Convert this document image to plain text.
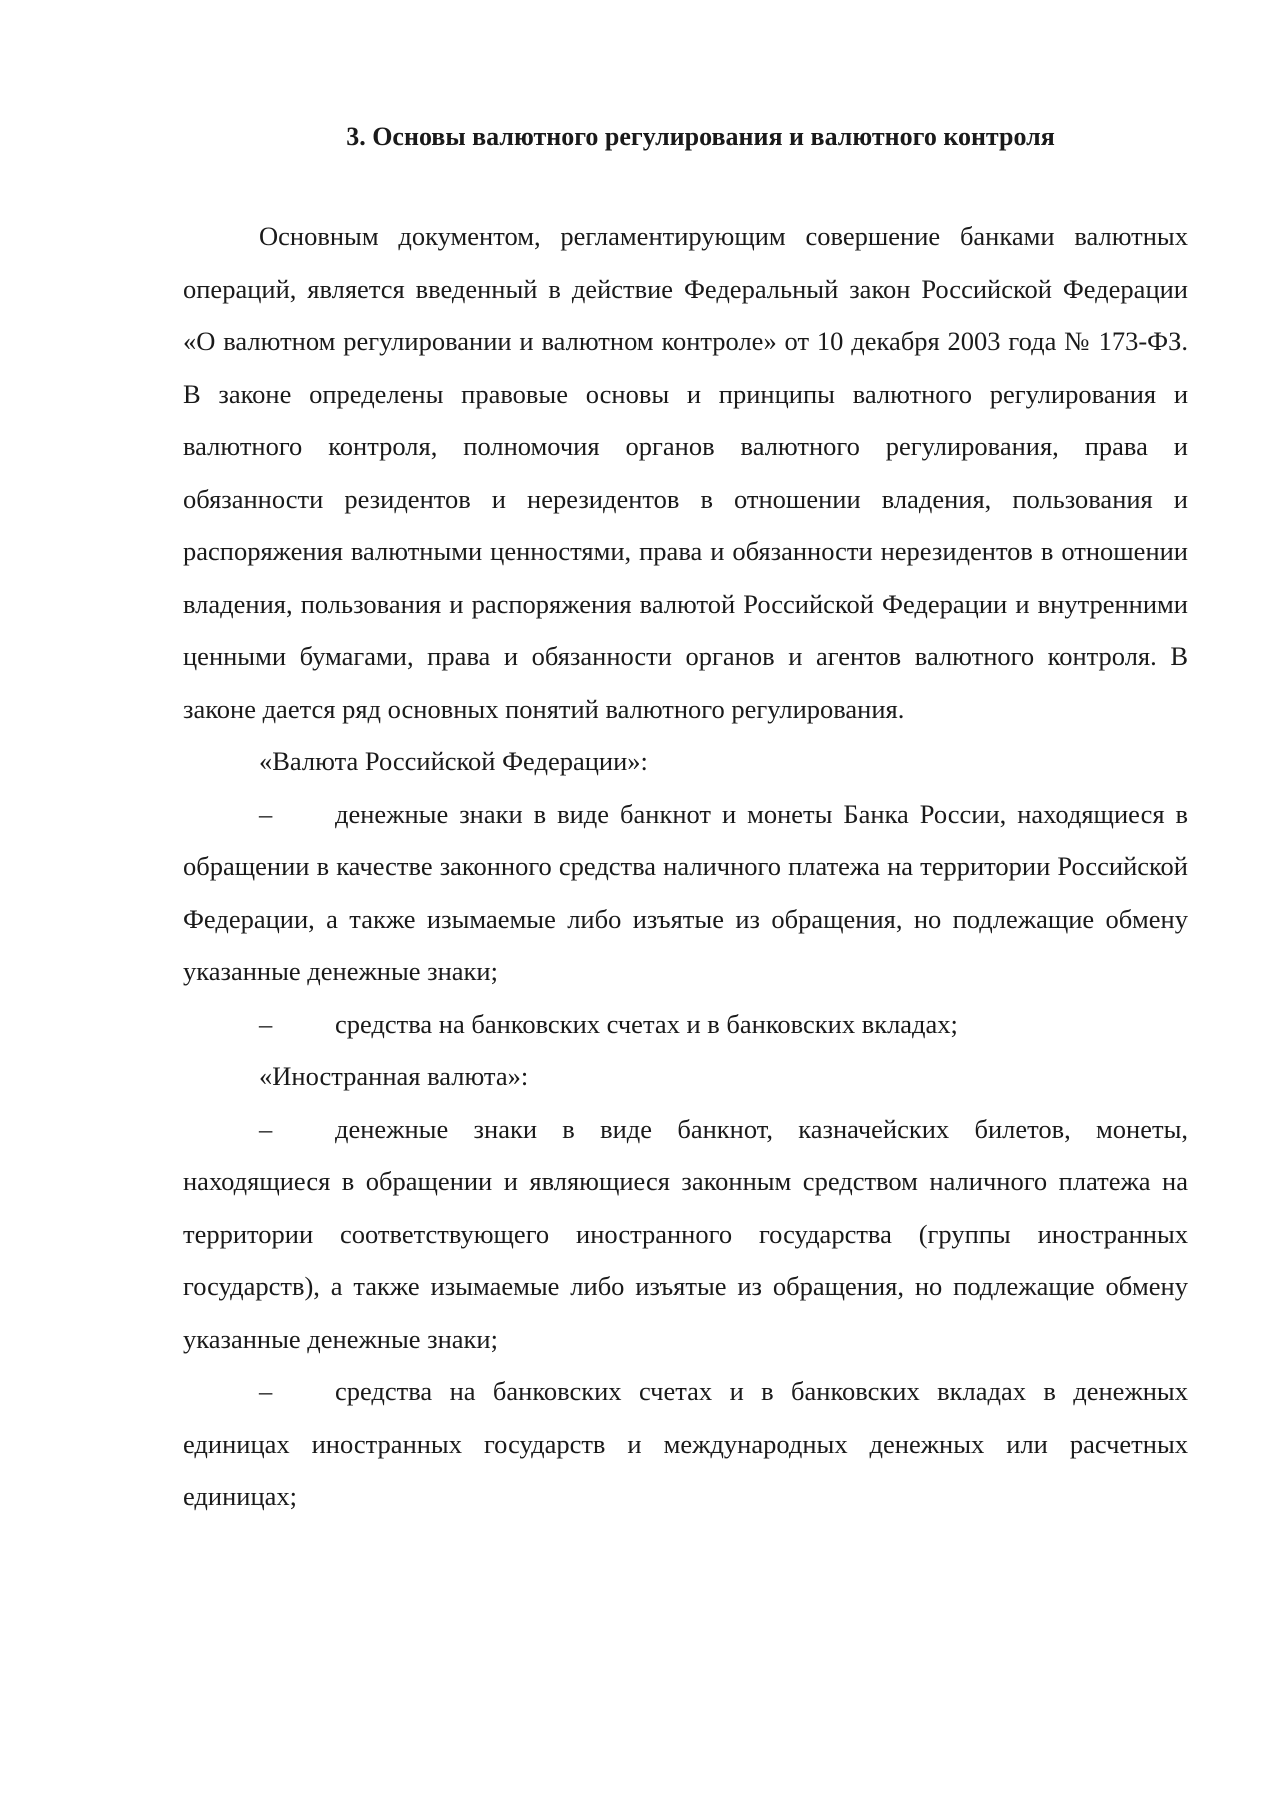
3. Основы валютного регулирования и валютного контроля

Основным документом, регламентирующим совершение банками валютных операций, является введенный в действие Федеральный закон Российской Федерации «О валютном регулировании и валютном контроле» от 10 декабря 2003 года № 173-ФЗ. В законе определены правовые основы и принципы валютного регулирования и валютного контроля, полномочия органов валютного регулирования, права и обязанности резидентов и нерезидентов в отношении владения, пользования и распоряжения валютными ценностями, права и обязанности нерезидентов в отношении владения, пользования и распоряжения валютой Российской Федерации и внутренними ценными бумагами, права и обязанности органов и агентов валютного контроля. В законе дается ряд основных понятий валютного регулирования.

«Валюта Российской Федерации»:

– денежные знаки в виде банкнот и монеты Банка России, находящиеся в обращении в качестве законного средства наличного платежа на территории Российской Федерации, а также изымаемые либо изъятые из обращения, но подлежащие обмену указанные денежные знаки;

– средства на банковских счетах и в банковских вкладах;

«Иностранная валюта»:

– денежные знаки в виде банкнот, казначейских билетов, монеты, находящиеся в обращении и являющиеся законным средством наличного платежа на территории соответствующего иностранного государства (группы иностранных государств), а также изымаемые либо изъятые из обращения, но подлежащие обмену указанные денежные знаки;

– средства на банковских счетах и в банковских вкладах в денежных единицах иностранных государств и международных денежных или расчетных единицах;
